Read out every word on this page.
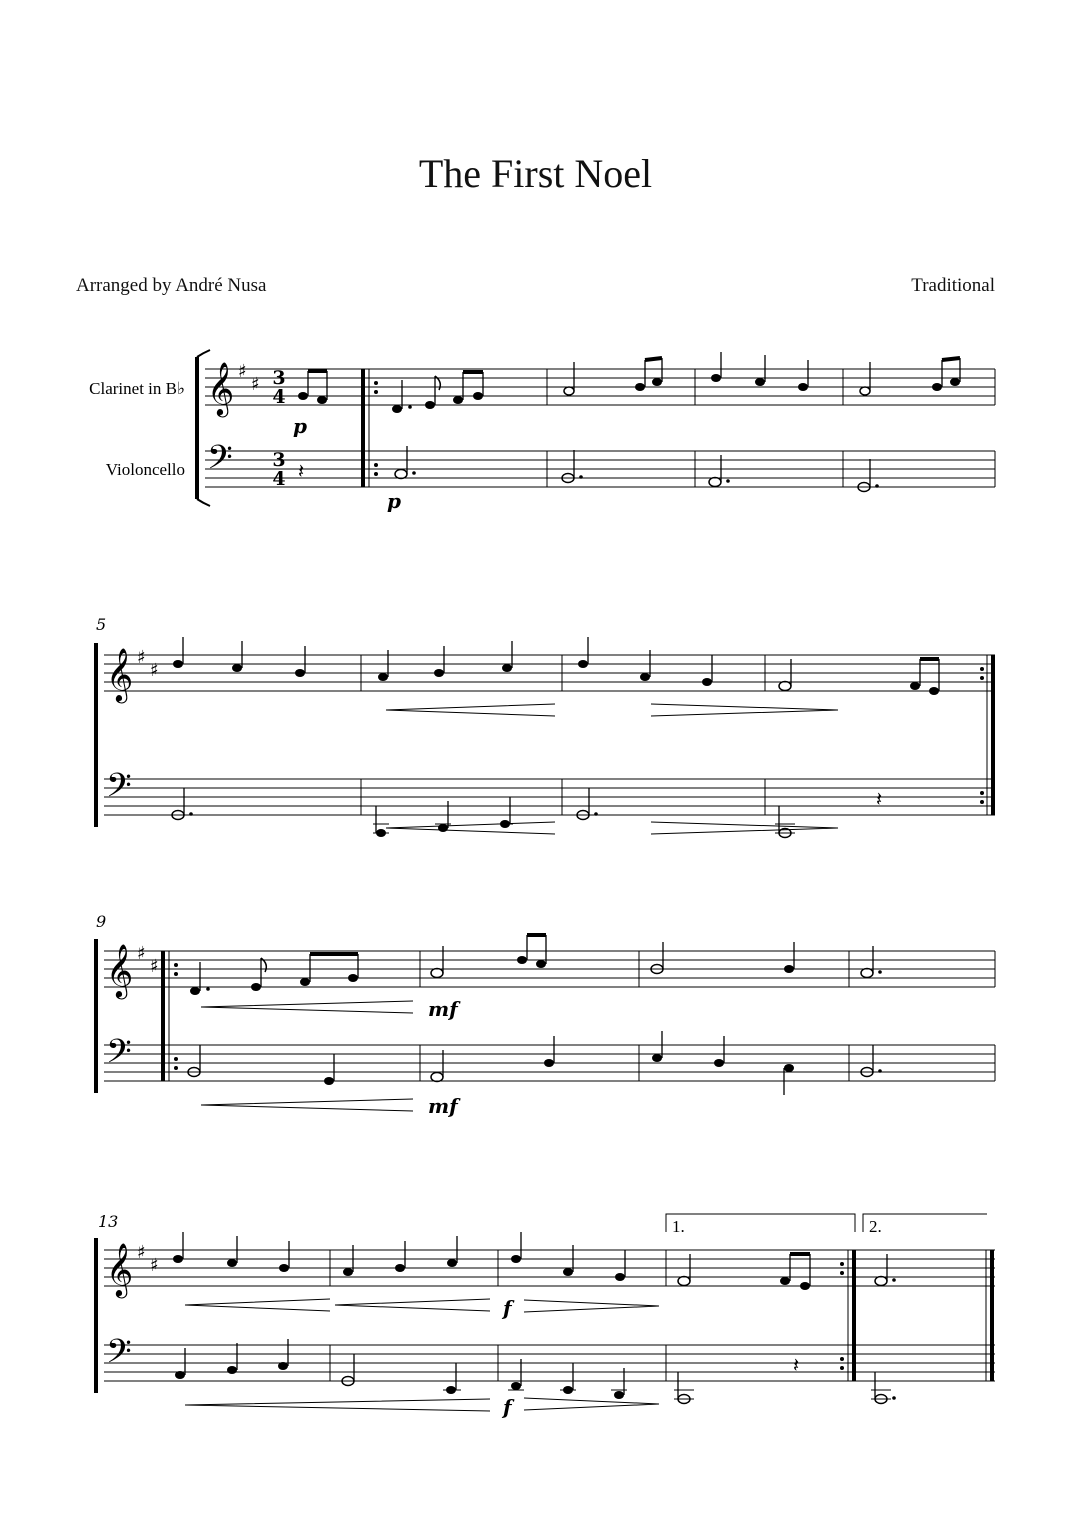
The First Noel
Arranged by André Nusa	Traditional
Clarinet in B♭
Violoncello
𝄞
𝄢
♯
♯ 3
4
3
4
p
𝄽
p
5
𝄞
𝄢
♯
♯
𝄽
9
𝄞
𝄢
♯
♯
mf
mf
13
𝄞
𝄢
♯
♯
f
f
1.
𝄽
2.
